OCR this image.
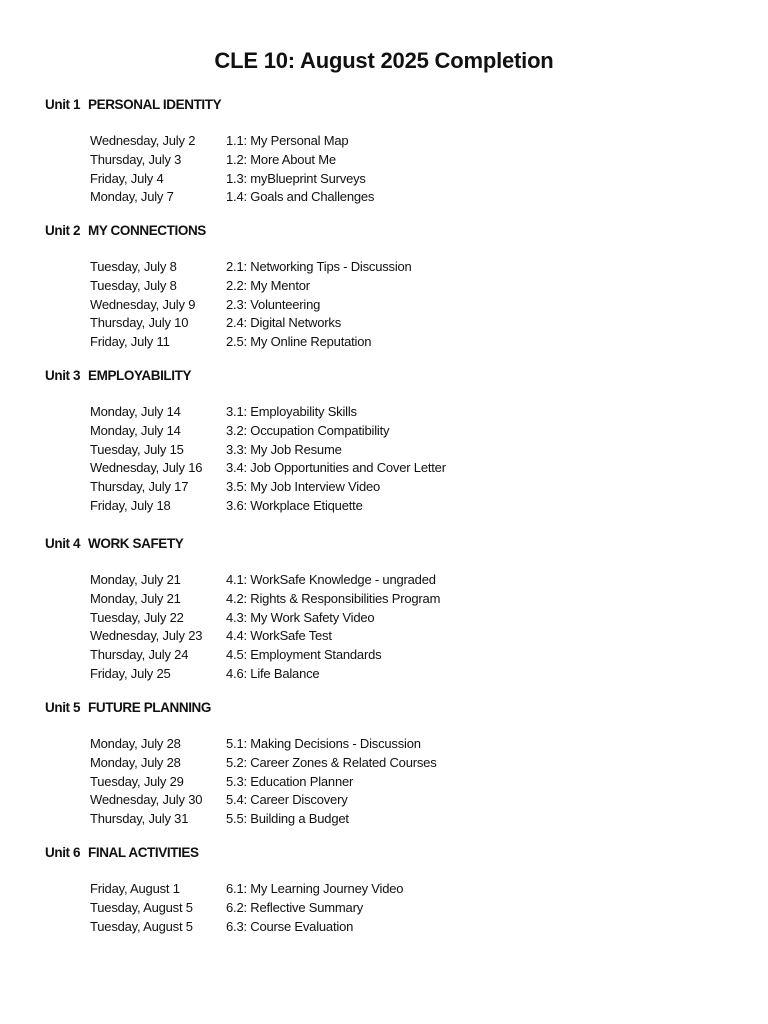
CLE 10: August 2025 Completion
Unit 1 PERSONAL IDENTITY
Wednesday, July 2 1.1: My Personal Map
Thursday, July 3	1.2: More About Me
Friday, July 4	1.3: myBlueprint Surveys
Monday, July 7	1.4: Goals and Challenges
Unit 2 MY CONNECTIONS
Tuesday, July 8	2.1: Networking Tips - Discussion
Tuesday, July 8	2.2: My Mentor
Wednesday, July 9 2.3: Volunteering
Thursday, July 10	2.4: Digital Networks
Friday, July 11	2.5: My Online Reputation
Unit 3 EMPLOYABILITY
Monday, July 14	3.1: Employability Skills
Monday, July 14	3.2: Occupation Compatibility
Tuesday, July 15	3.3: My Job Resume
Wednesday, July 16 3.4: Job Opportunities and Cover Letter
Thursday, July 17	3.5: My Job Interview Video
Friday, July 18	3.6: Workplace Etiquette
Unit 4 WORK SAFETY
Monday, July 21	4.1: WorkSafe Knowledge - ungraded
Monday, July 21	4.2: Rights & Responsibilities Program
Tuesday, July 22	4.3: My Work Safety Video
Wednesday, July 23 4.4: WorkSafe Test
Thursday, July 24	4.5: Employment Standards
Friday, July 25	4.6: Life Balance
Unit 5 FUTURE PLANNING
Monday, July 28	5.1: Making Decisions - Discussion
Monday, July 28	5.2: Career Zones & Related Courses
Tuesday, July 29	5.3: Education Planner
Wednesday, July 30 5.4: Career Discovery
Thursday, July 31	5.5: Building a Budget
Unit 6 FINAL ACTIVITIES
Friday, August 1	6.1: My Learning Journey Video
Tuesday, August 5	6.2: Reflective Summary
Tuesday, August 5	6.3: Course Evaluation
